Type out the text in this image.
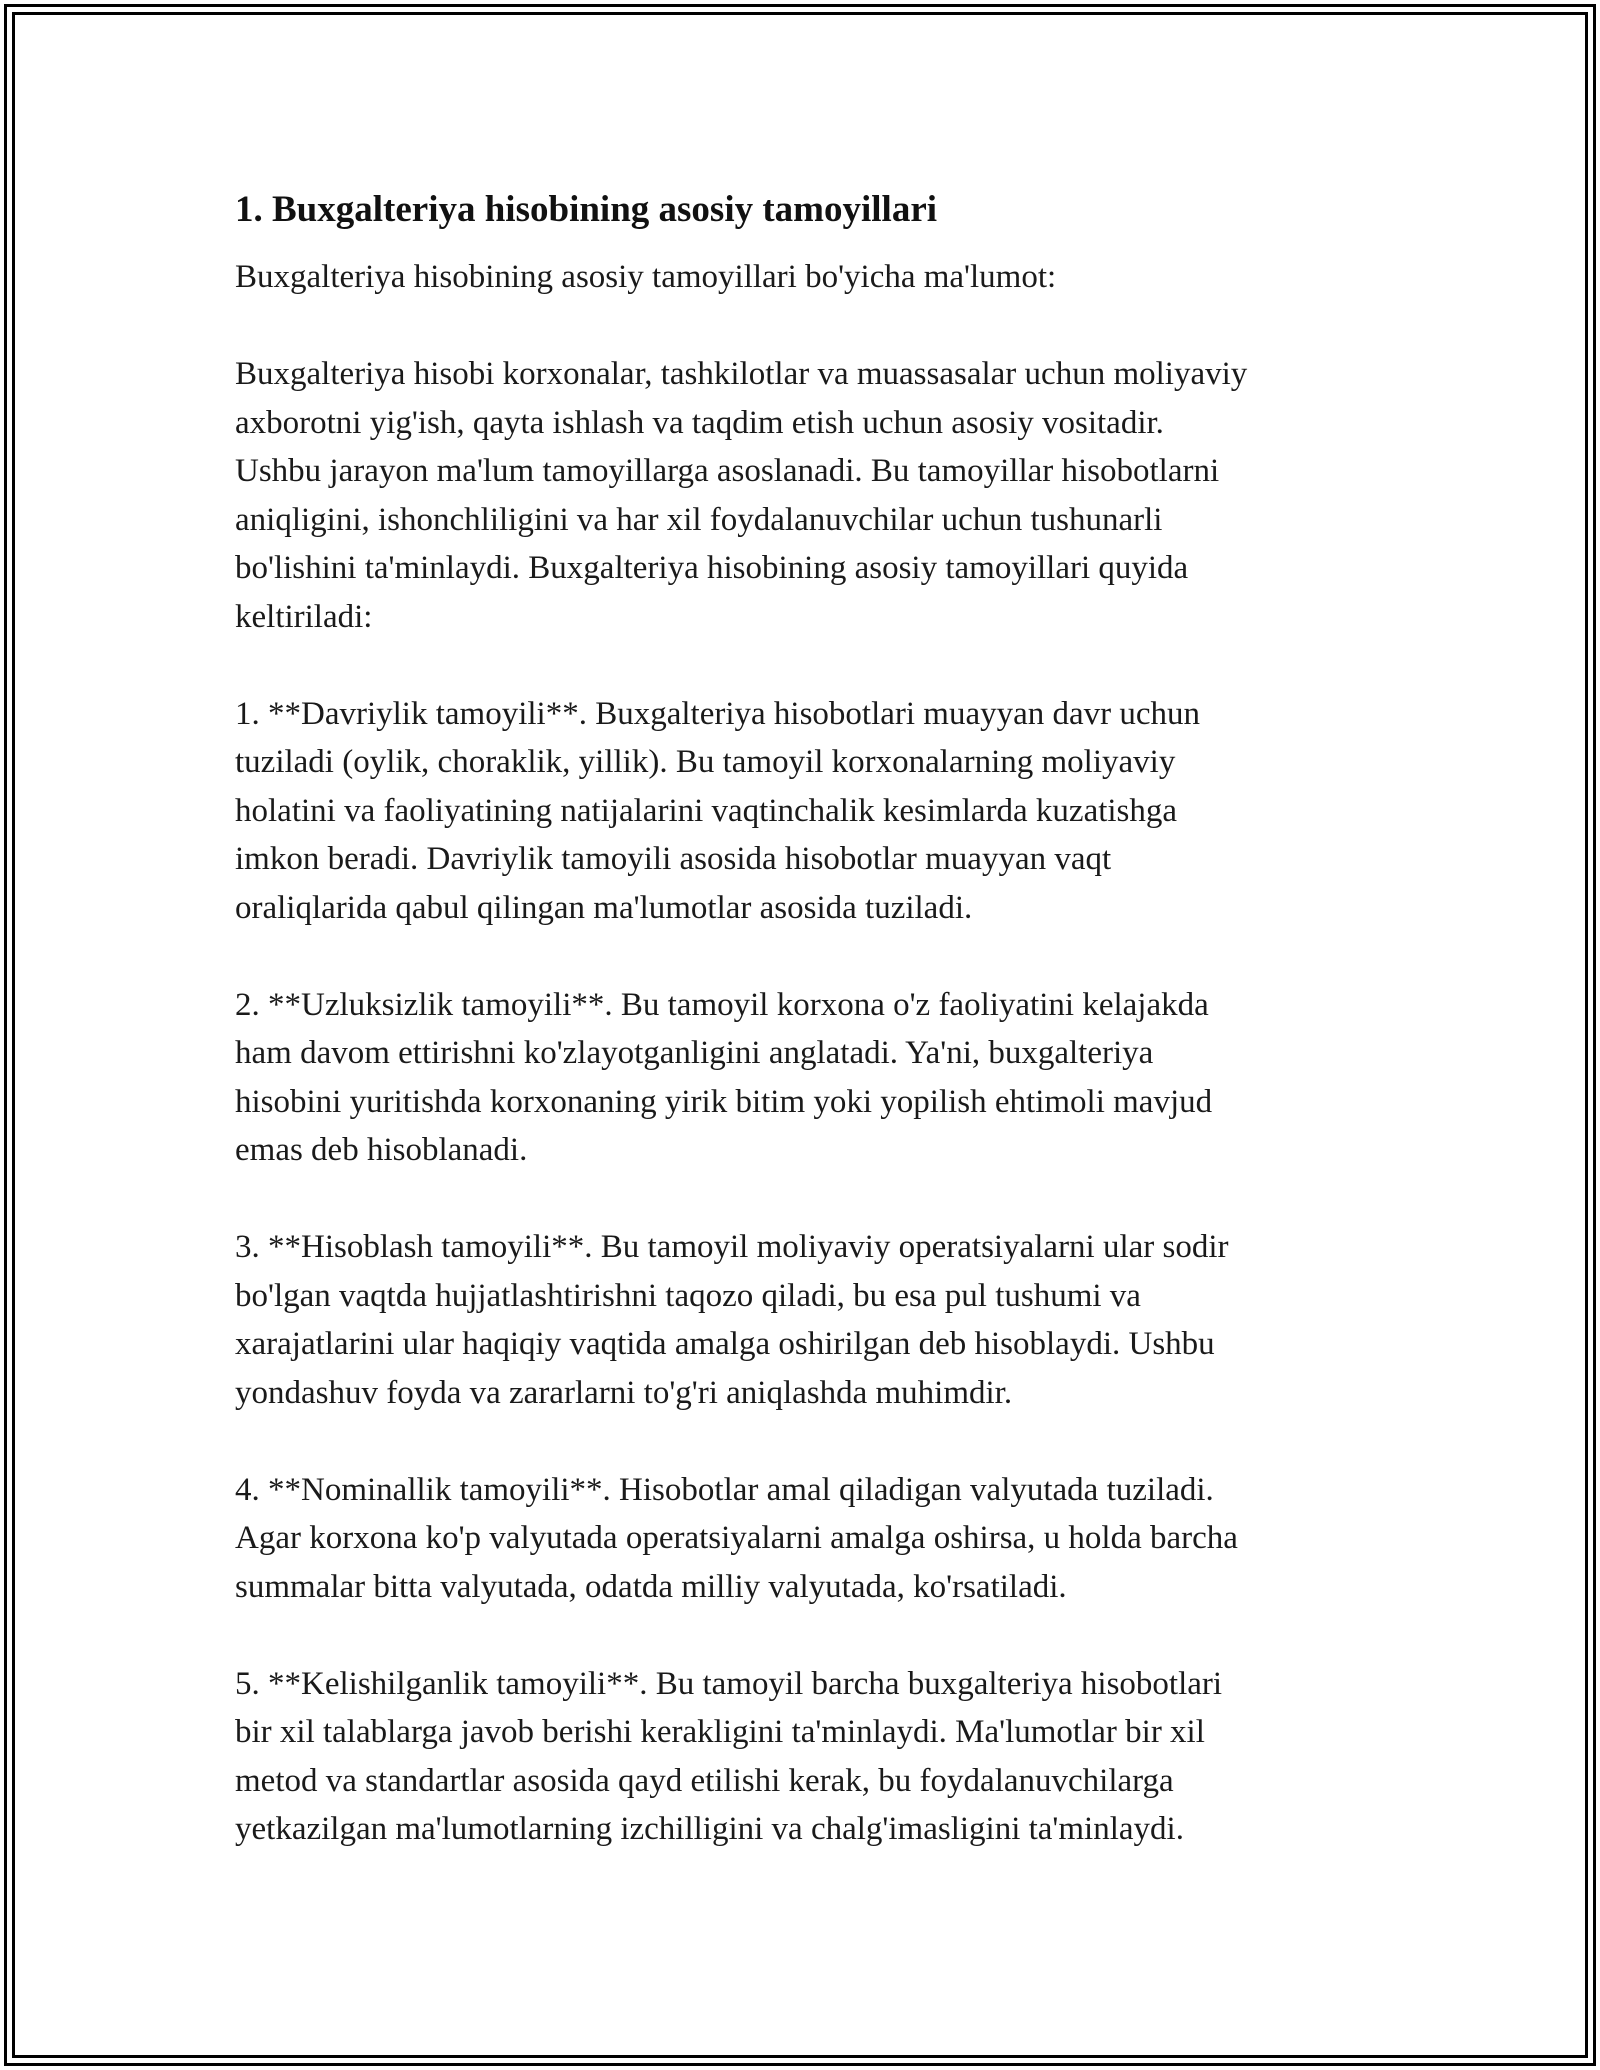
1. Buxgalteriya hisobining asosiy tamoyillari

Buxgalteriya hisobining asosiy tamoyillari bo'yicha ma'lumot:

Buxgalteriya hisobi korxonalar, tashkilotlar va muassasalar uchun moliyaviy
axborotni yig'ish, qayta ishlash va taqdim etish uchun asosiy vositadir.
Ushbu jarayon ma'lum tamoyillarga asoslanadi. Bu tamoyillar hisobotlarni
aniqligini, ishonchliligini va har xil foydalanuvchilar uchun tushunarli
bo'lishini ta'minlaydi. Buxgalteriya hisobining asosiy tamoyillari quyida
keltiriladi:

1. **Davriylik tamoyili**. Buxgalteriya hisobotlari muayyan davr uchun
tuziladi (oylik, choraklik, yillik). Bu tamoyil korxonalarning moliyaviy
holatini va faoliyatining natijalarini vaqtinchalik kesimlarda kuzatishga
imkon beradi. Davriylik tamoyili asosida hisobotlar muayyan vaqt
oraliqlarida qabul qilingan ma'lumotlar asosida tuziladi.

2. **Uzluksizlik tamoyili**. Bu tamoyil korxona o'z faoliyatini kelajakda
ham davom ettirishni ko'zlayotganligini anglatadi. Ya'ni, buxgalteriya
hisobini yuritishda korxonaning yirik bitim yoki yopilish ehtimoli mavjud
emas deb hisoblanadi.

3. **Hisoblash tamoyili**. Bu tamoyil moliyaviy operatsiyalarni ular sodir
bo'lgan vaqtda hujjatlashtirishni taqozo qiladi, bu esa pul tushumi va
xarajatlarini ular haqiqiy vaqtida amalga oshirilgan deb hisoblaydi. Ushbu
yondashuv foyda va zararlarni to'g'ri aniqlashda muhimdir.

4. **Nominallik tamoyili**. Hisobotlar amal qiladigan valyutada tuziladi.
Agar korxona ko'p valyutada operatsiyalarni amalga oshirsa, u holda barcha
summalar bitta valyutada, odatda milliy valyutada, ko'rsatiladi.

5. **Kelishilganlik tamoyili**. Bu tamoyil barcha buxgalteriya hisobotlari
bir xil talablarga javob berishi kerakligini ta'minlaydi. Ma'lumotlar bir xil
metod va standartlar asosida qayd etilishi kerak, bu foydalanuvchilarga
yetkazilgan ma'lumotlarning izchilligini va chalg'imasligini ta'minlaydi.
